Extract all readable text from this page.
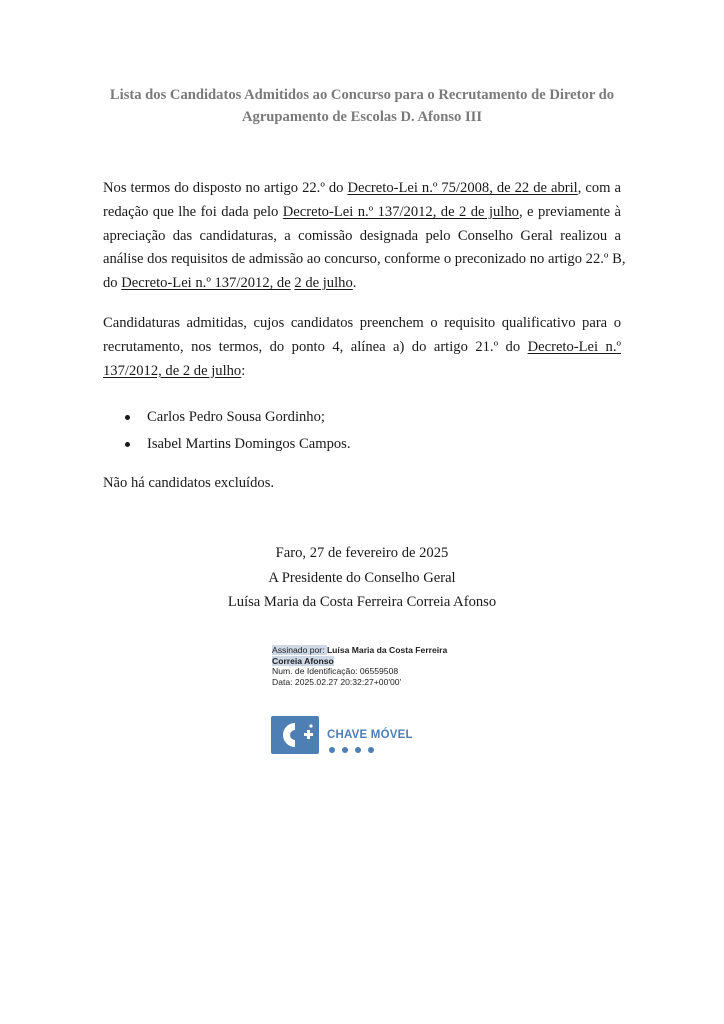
Lista dos Candidatos Admitidos ao Concurso para o Recrutamento de Diretor do
Agrupamento de Escolas D. Afonso III
Nos termos do disposto no artigo 22.º do Decreto-Lei n.º 75/2008, de 22 de abril, com a
redação que lhe foi dada pelo Decreto-Lei n.º 137/2012, de 2 de julho, e previamente à
apreciação das candidaturas, a comissão designada pelo Conselho Geral realizou a
análise dos requisitos de admissão ao concurso, conforme o preconizado no artigo 22.º B,
do Decreto-Lei n.º 137/2012, de 2 de julho.
Candidaturas admitidas, cujos candidatos preenchem o requisito qualificativo para o
recrutamento, nos termos, do ponto 4, alínea a) do artigo 21.º do Decreto-Lei n.º
137/2012, de 2 de julho:
Carlos Pedro Sousa Gordinho;
Isabel Martins Domingos Campos.
Não há candidatos excluídos.
Faro, 27 de fevereiro de 2025
A Presidente do Conselho Geral
Luísa Maria da Costa Ferreira Correia Afonso
Assinado por: Luísa Maria da Costa Ferreira
Correia Afonso
Num. de Identificação: 06559508
Data: 2025.02.27 20:32:27+00'00'
CHAVE MÓVEL
